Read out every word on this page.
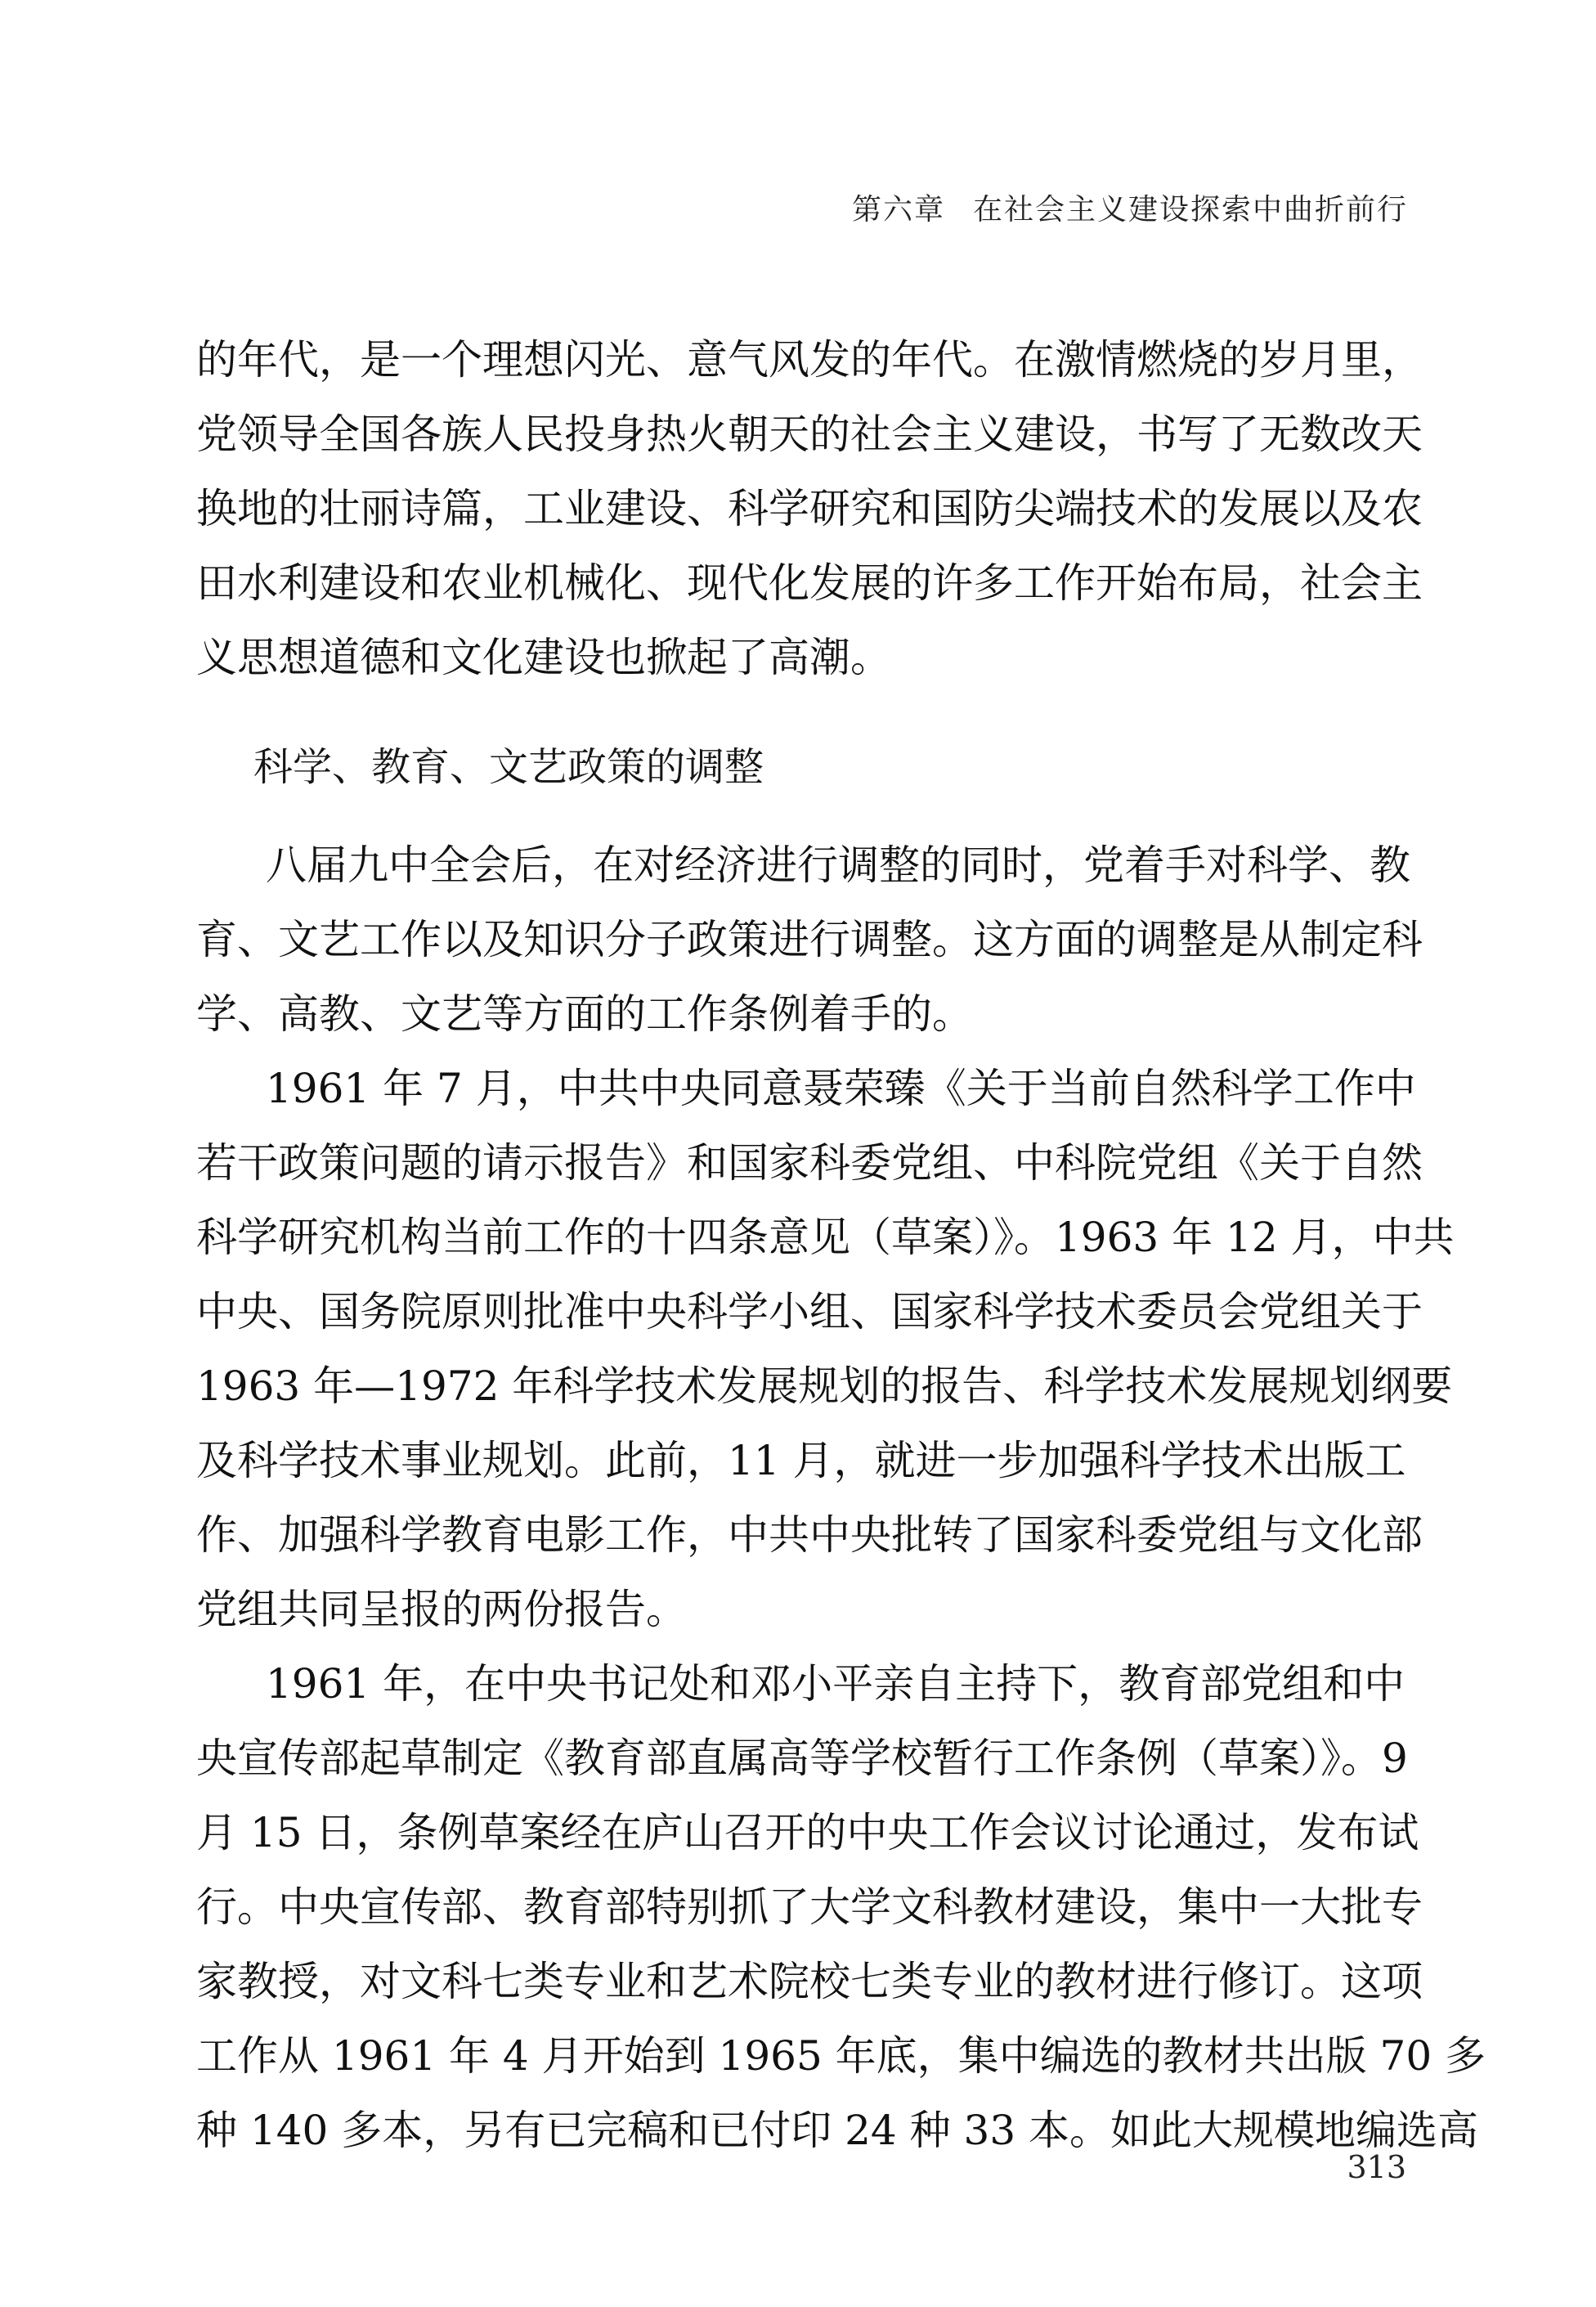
第六章 在社会主义建设探索中曲折前行
的年代，是一个理想闪光、意气风发的年代。在激情燃烧的岁月里，
党领导全国各族人民投身热火朝天的社会主义建设，书写了无数改天
换地的壮丽诗篇，工业建设、科学研究和国防尖端技术的发展以及农
田水利建设和农业机械化、现代化发展的许多工作开始布局，社会主
义思想道德和文化建设也掀起了高潮。
科学、教育、文艺政策的调整
八届九中全会后，在对经济进行调整的同时，党着手对科学、教
育、文艺工作以及知识分子政策进行调整。这方面的调整是从制定科
学、高教、文艺等方面的工作条例着手的。
1961 年 7 月，中共中央同意聂荣臻《关于当前自然科学工作中
若干政策问题的请示报告》和国家科委党组、中科院党组《关于自然
科学研究机构当前工作的十四条意见（草案）》。1963 年 12 月，中共
中央、国务院原则批准中央科学小组、国家科学技术委员会党组关于
1963 年—1972 年科学技术发展规划的报告、科学技术发展规划纲要
及科学技术事业规划。此前，11 月，就进一步加强科学技术出版工
作、加强科学教育电影工作，中共中央批转了国家科委党组与文化部
党组共同呈报的两份报告。
1961 年，在中央书记处和邓小平亲自主持下，教育部党组和中
央宣传部起草制定《教育部直属高等学校暂行工作条例（草案）》。9
月 15 日，条例草案经在庐山召开的中央工作会议讨论通过，发布试
行。中央宣传部、教育部特别抓了大学文科教材建设，集中一大批专
家教授，对文科七类专业和艺术院校七类专业的教材进行修订。这项
工作从 1961 年 4 月开始到 1965 年底，集中编选的教材共出版 70 多
种 140 多本，另有已完稿和已付印 24 种 33 本。如此大规模地编选高
313
